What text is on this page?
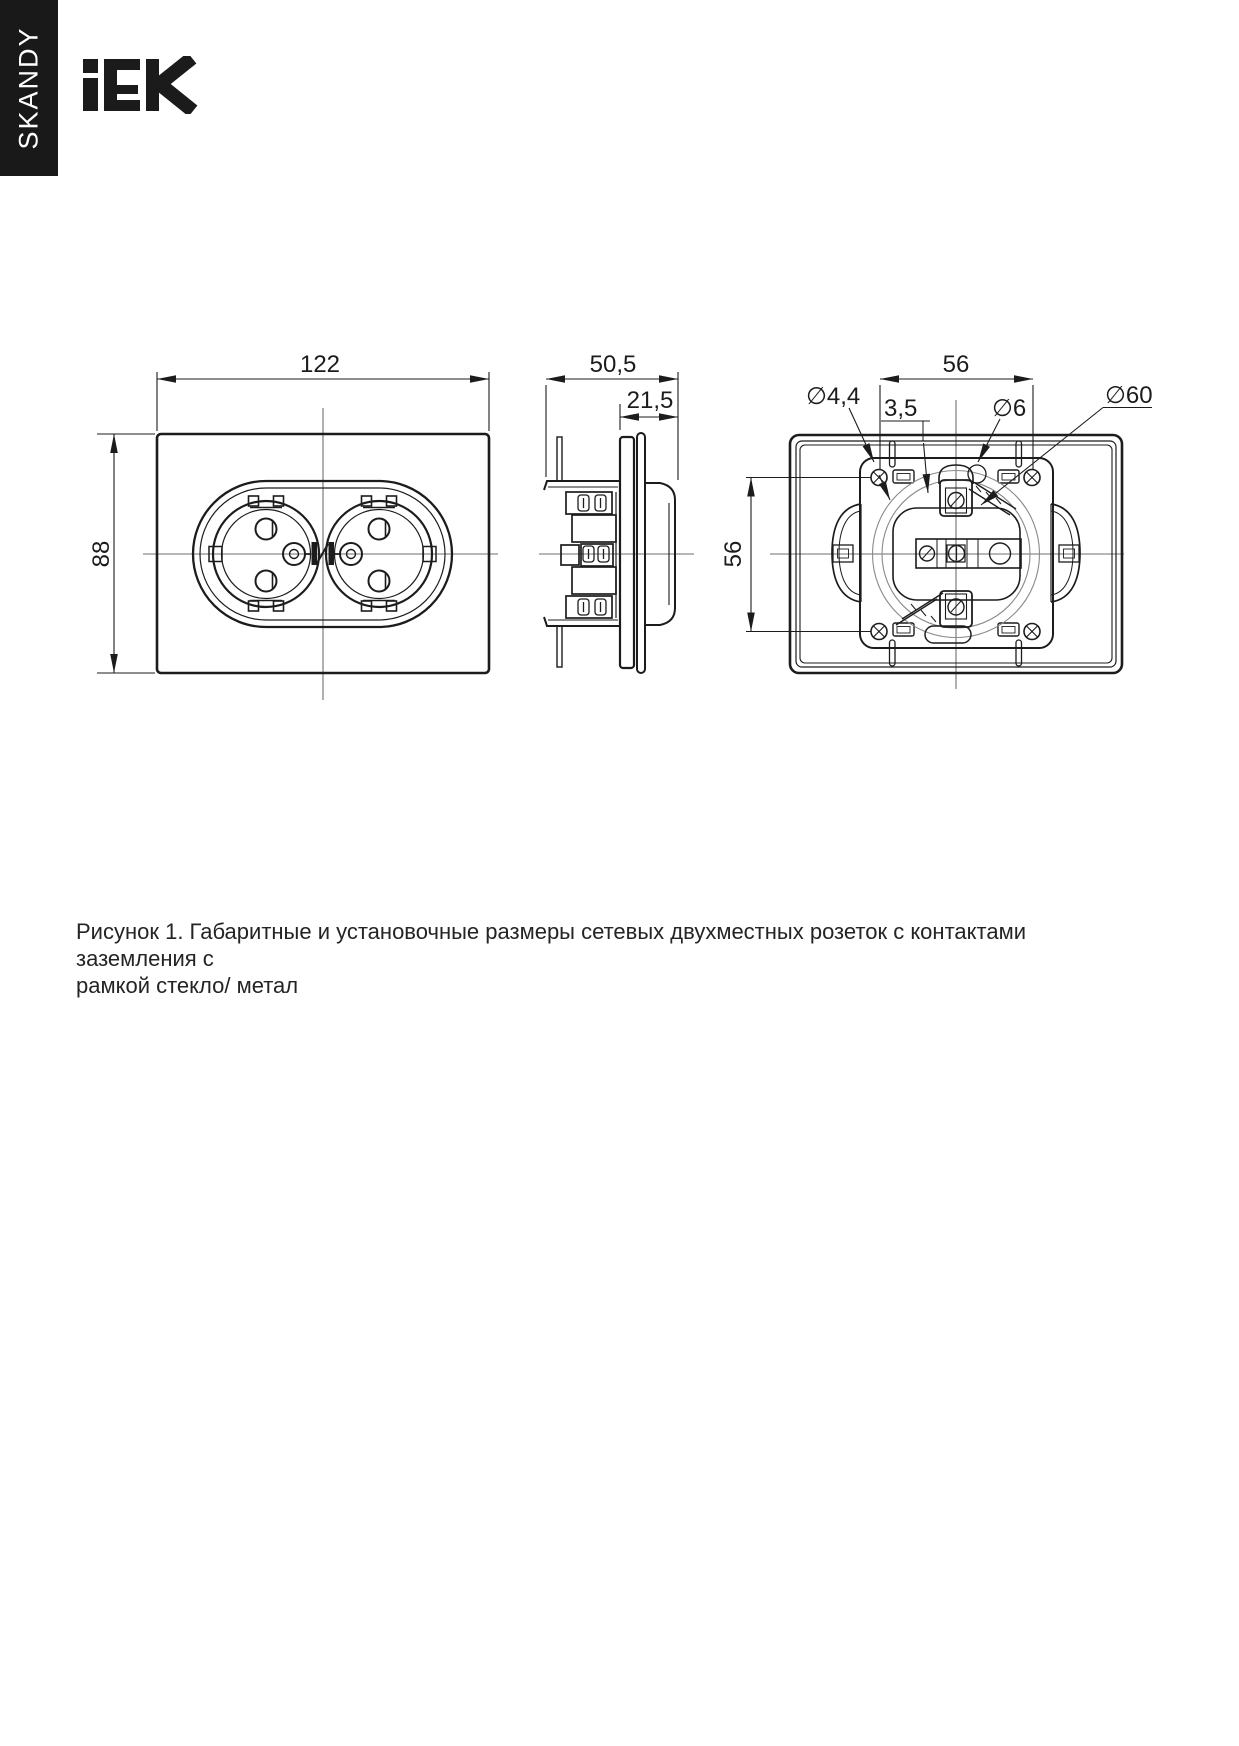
SKANDY
122
88
50,5
21,5
56
56
∅4,4 3,5	∅6	∅60
Рисунок 1. Габаритные и установочные размеры сетевых двухместных розеток с контактами заземления с
рамкой стекло/ метал
